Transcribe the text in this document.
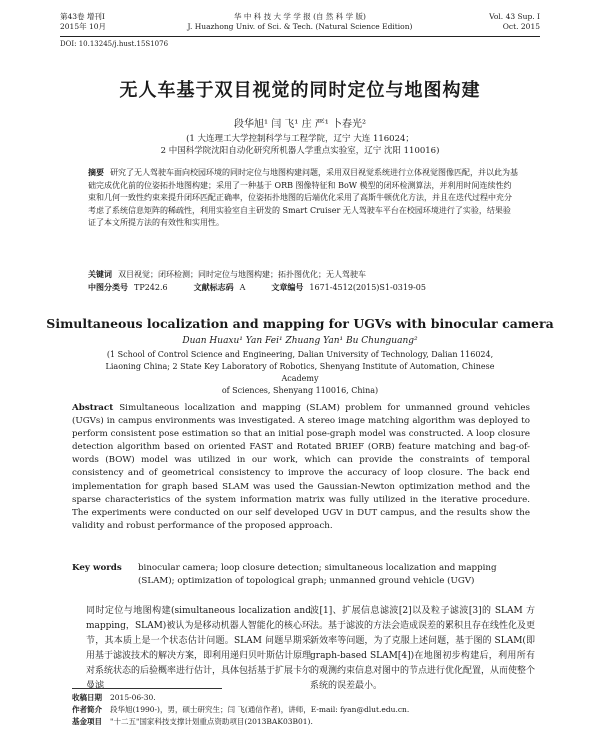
第43卷 增刊I	华 中 科 技 大 学 学 报 (自 然 科 学 版)	Vol. 43 Sup. I
2015年 10月	J. Huazhong Univ. of Sci. & Tech. (Natural Science Edition)	Oct. 2015
DOI: 10.13245/j.hust.15S1076
无人车基于双目视觉的同时定位与地图构建
段华旭¹ 闫 飞¹ 庄 严¹ 卜春光²
(1 大连理工大学控制科学与工程学院，辽宁 大连 116024；
2 中国科学院沈阳自动化研究所机器人学重点实验室，辽宁 沈阳 110016)
摘要 研究了无人驾驶车面向校园环境的同时定位与地图构建问题，采用双目视觉系统进行立体视觉图像匹配，并以此为基础完成优化前的位姿拓扑地图构建；采用了一种基于 ORB 图像特征和 BoW 模型的闭环检测算法，并利用时间连续性约束和几何一致性约束来提升闭环匹配正确率，位姿拓扑地图的后端优化采用了高斯牛顿优化方法，并且在迭代过程中充分考虑了系统信息矩阵的稀疏性，利用实验室自主研发的 Smart Cruiser 无人驾驶车平台在校园环境进行了实验，结果验证了本文所提方法的有效性和实用性。
关键词 双目视觉；闭环检测；同时定位与地图构建；拓扑图优化；无人驾驶车
中图分类号 TP242.6	文献标志码 A	文章编号 1671-4512(2015)S1-0319-05
Simultaneous localization and mapping for UGVs with binocular camera
Duan Huaxu¹ Yan Fei¹ Zhuang Yan¹ Bu Chunguang²
(1 School of Control Science and Engineering, Dalian University of Technology, Dalian 116024,
Liaoning China; 2 State Key Laboratory of Robotics, Shenyang Institute of Automation, Chinese Academy
of Sciences, Shenyang 110016, China)
Abstract Simultaneous localization and mapping (SLAM) problem for unmanned ground vehicles (UGVs) in campus environments was investigated. A stereo image matching algorithm was deployed to perform consistent pose estimation so that an initial pose-graph model was constructed. A loop closure detection algorithm based on oriented FAST and Rotated BRIEF (ORB) feature matching and bag-of-words (BOW) model was utilized in our work, which can provide the constraints of temporal consistency and of geometrical consistency to improve the accuracy of loop closure. The back end implementation for graph based SLAM was used the Gaussian-Newton optimization method and the sparse characteristics of the system information matrix was fully utilized in the iterative procedure. The experiments were conducted on our self developed UGV in DUT campus, and the results show the validity and robust performance of the proposed approach.
Key words	binocular camera; loop closure detection; simultaneous localization and mapping (SLAM); optimization of topological graph; unmanned ground vehicle (UGV)
同时定位与地图构建(simultaneous localization and mapping，SLAM)被认为是移动机器人智能化的核心环节，其本质上是一个状态估计问题。SLAM 问题早期采用基于滤波技术的解决方案，即利用递归贝叶斯估计原理对系统状态的后验概率进行估计，具体包括基于扩展卡尔曼滤
波[1]、扩展信息滤波[2]以及粒子滤波[3]的 SLAM 方法。基于滤波的方法会造成误差的累积且存在线性化及更新效率等问题，为了克服上述问题，基于图的 SLAM(即 graph-based SLAM[4])在地图初步构建后，利用所有的观测约束信息对图中的节点进行优化配置，从而使整个系统的误差最小。
收稿日期	2015-06-30.
作者简介	段华旭(1990-)，男，硕士研究生；闫 飞(通信作者)，讲师，E-mail: fyan@dlut.edu.cn.
基金项目	"十二五"国家科技支撑计划重点资助项目(2013BAK03B01).
